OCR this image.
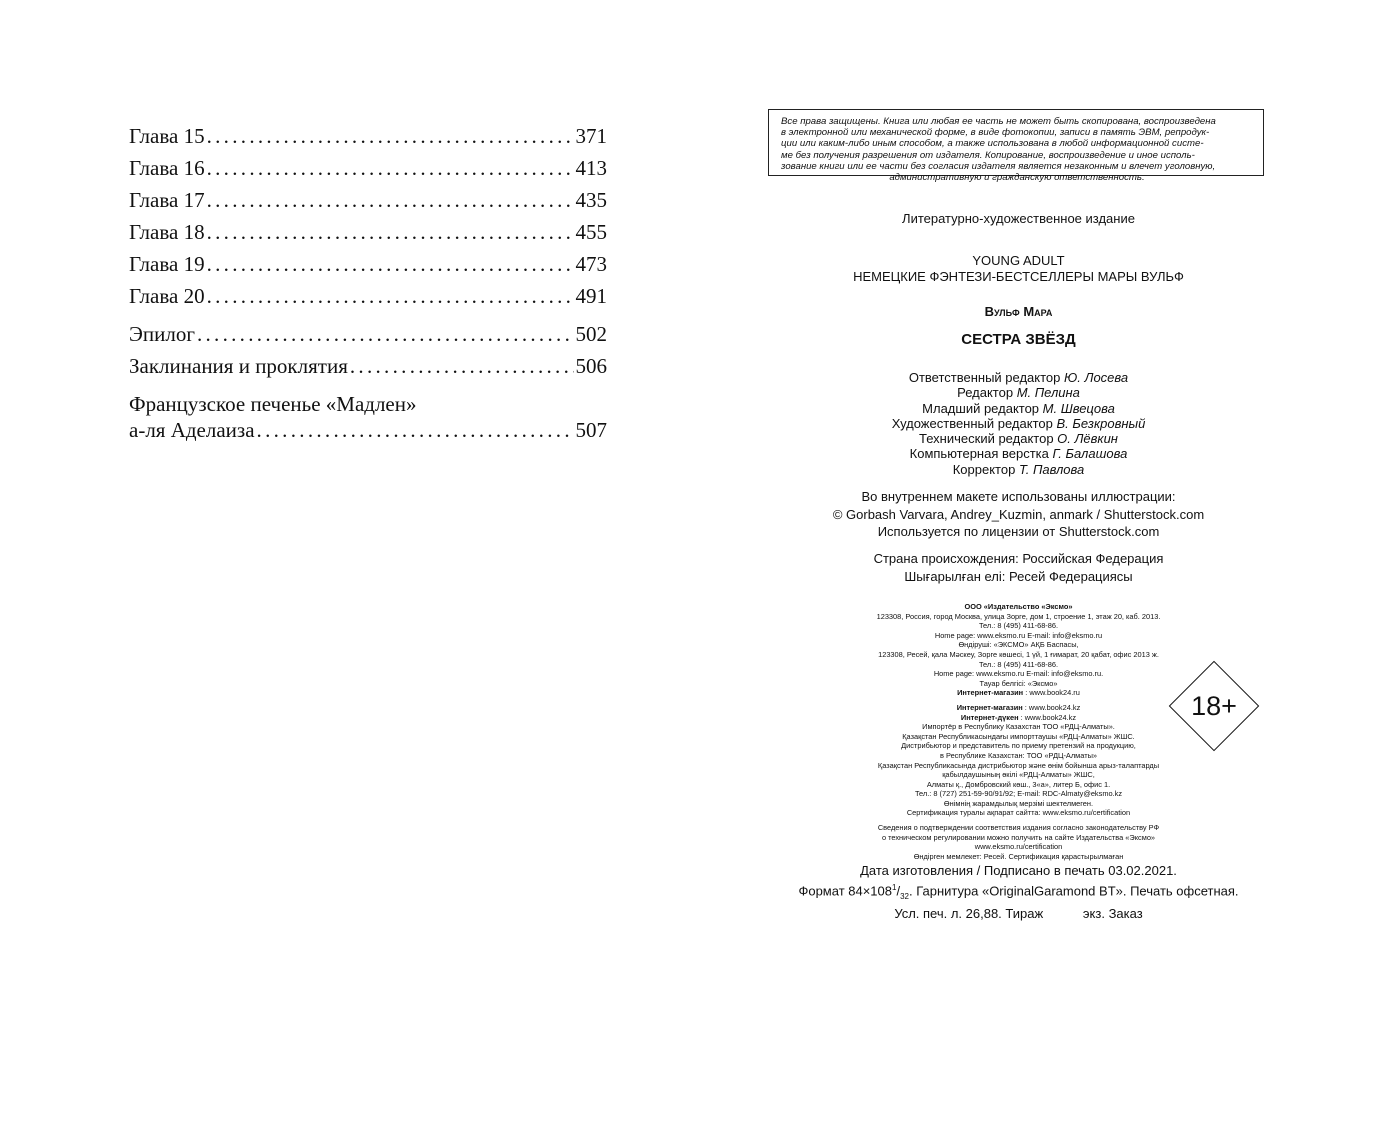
Глава 15 .....	371
Глава 16 .....	413
Глава 17 .....	435
Глава 18 .....	455
Глава 19 .....	473
Глава 20 .....	491
Эпилог .....	502
Заклинания и проклятия .....	506
Французское печенье «Мадлен»
а-ля Аделаиза .....	507
Все права защищены. Книга или любая ее часть не может быть скопирована, воспроизведена
в электронной или механической форме, в виде фотокопии, записи в память ЭВМ, репродук-
ции или каким-либо иным способом, а также использована в любой информационной систе-
ме без получения разрешения от издателя. Копирование, воспроизведение и иное исполь-
зование книги или ее части без согласия издателя является незаконным и влечет уголовную,
административную и гражданскую ответственность.
Литературно-художественное издание
YOUNG ADULT
НЕМЕЦКИЕ ФЭНТЕЗИ-БЕСТСЕЛЛЕРЫ МАРЫ ВУЛЬФ
Вульф Мара
СЕСТРА ЗВЁЗД
Ответственный редактор Ю. Лосева
Редактор М. Пелина
Младший редактор М. Швецова
Художественный редактор В. Безкровный
Технический редактор О. Лёвкин
Компьютерная верстка Г. Балашова
Корректор Т. Павлова
Во внутреннем макете использованы иллюстрации:
© Gorbash Varvara, Andrey_Kuzmin, anmark / Shutterstock.com
Используется по лицензии от Shutterstock.com
Страна происхождения: Российская Федерация
Шығарылған елі: Ресей Федерациясы
ООО «Издательство «Эксмо»
123308, Россия, город Москва, улица Зорге, дом 1, строение 1, этаж 20, каб. 2013.
Тел.: 8 (495) 411-68-86.
Home page: www.eksmo.ru E-mail: info@eksmo.ru
Өндіруші: «ЭКСМО» АҚБ Баспасы,
123308, Ресей, қала Мәскеу, Зорге көшесі, 1 үй, 1 ғимарат, 20 қабат, офис 2013 ж.
Тел.: 8 (495) 411-68-86.
Home page: www.eksmo.ru E-mail: info@eksmo.ru.
Тауар белгісі: «Эксмо»
Интернет-магазин : www.book24.ru
Интернет-магазин : www.book24.kz
Интернет-дүкен : www.book24.kz
Импортёр в Республику Казахстан ТОО «РДЦ-Алматы».
Қазақстан Республикасындағы импорттаушы «РДЦ-Алматы» ЖШС.
Дистрибьютор и представитель по приему претензий на продукцию,
в Республике Казахстан: ТОО «РДЦ-Алматы»
Қазақстан Республикасында дистрибьютор және өнім бойынша арыз-талаптарды
қабылдаушының өкілі «РДЦ-Алматы» ЖШС,
Алматы қ., Домбровский көш., 3«а», литер Б, офис 1.
Тел.: 8 (727) 251-59-90/91/92; E-mail: RDC-Almaty@eksmo.kz
Өнімнің жарамдылық мерзімі шектелмеген.
Сертификация туралы ақпарат сайтта: www.eksmo.ru/certification
Сведения о подтверждении соответствия издания согласно законодательству РФ
о техническом регулировании можно получить на сайте Издательства «Эксмо»
www.eksmo.ru/certification
Өндірген мемлекет: Ресей. Сертификация қарастырылмаған
18+
Дата изготовления / Подписано в печать 03.02.2021.
Формат $84\times 108^1/_{32}$. Гарнитура «OriginalGaramond BT». Печать офсетная.
Усл. печ. л. 26,88. Тираж           экз. Заказ
